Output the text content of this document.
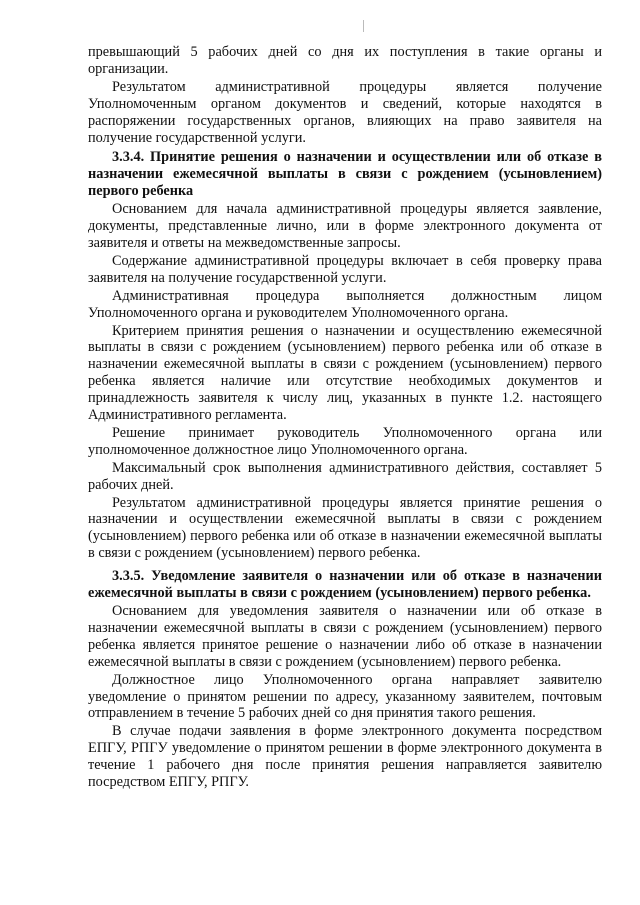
превышающий 5 рабочих дней со дня их поступления в такие органы и организации.

Результатом административной процедуры является получение Уполномоченным органом документов и сведений, которые находятся в распоряжении государственных органов, влияющих на право заявителя на получение государственной услуги.

3.3.4. Принятие решения о назначении и осуществлении или об отказе в назначении ежемесячной выплаты в связи с рождением (усыновлением) первого ребенка

Основанием для начала административной процедуры является заявление, документы, представленные лично, или в форме электронного документа от заявителя и ответы на межведомственные запросы.

Содержание административной процедуры включает в себя проверку права заявителя на получение государственной услуги.

Административная процедура выполняется должностным лицом Уполномоченного органа и руководителем Уполномоченного органа.

Критерием принятия решения о назначении и осуществлению ежемесячной выплаты в связи с рождением (усыновлением) первого ребенка или об отказе в назначении ежемесячной выплаты в связи с рождением (усыновлением) первого ребенка является наличие или отсутствие необходимых документов и принадлежность заявителя к числу лиц, указанных в пункте 1.2. настоящего Административного регламента.

Решение принимает руководитель Уполномоченного органа или уполномоченное должностное лицо Уполномоченного органа.

Максимальный срок выполнения административного действия, составляет 5 рабочих дней.

Результатом административной процедуры является принятие решения о назначении и осуществлении ежемесячной выплаты в связи с рождением (усыновлением) первого ребенка или об отказе в назначении ежемесячной выплаты в связи с рождением (усыновлением) первого ребенка.

3.3.5. Уведомление заявителя о назначении или об отказе в назначении ежемесячной выплаты в связи с рождением (усыновлением) первого ребенка.

Основанием для уведомления заявителя о назначении или об отказе в назначении ежемесячной выплаты в связи с рождением (усыновлением) первого ребенка является принятое решение о назначении либо об отказе в назначении ежемесячной выплаты в связи с рождением (усыновлением) первого ребенка.

Должностное лицо Уполномоченного органа направляет заявителю уведомление о принятом решении по адресу, указанному заявителем, почтовым отправлением в течение 5 рабочих дней со дня принятия такого решения.

В случае подачи заявления в форме электронного документа посредством ЕПГУ, РПГУ уведомление о принятом решении в форме электронного документа в течение 1 рабочего дня после принятия решения направляется заявителю посредством ЕПГУ, РПГУ.
